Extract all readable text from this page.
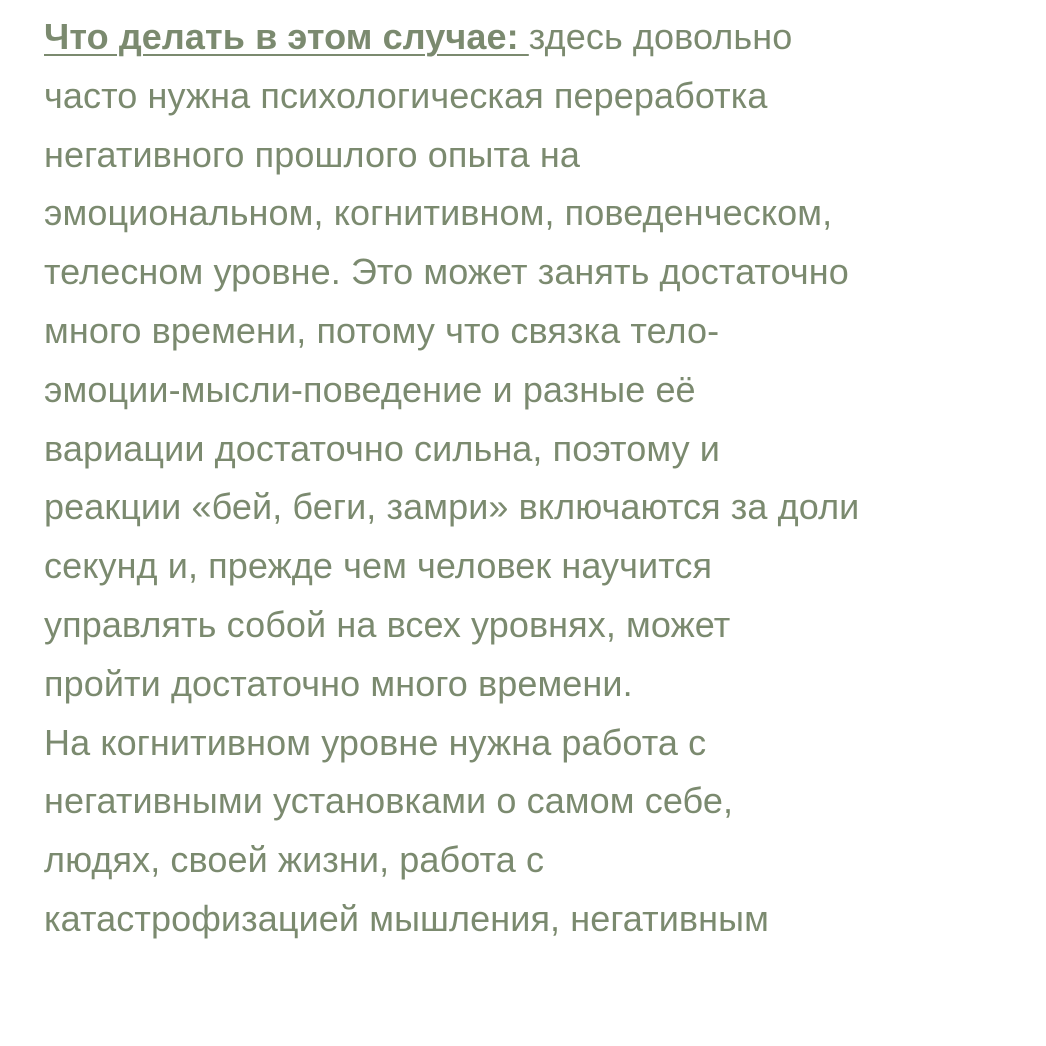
Что делать в этом случае: здесь довольно
часто нужна психологическая переработка
негативного прошлого опыта на
эмоциональном, когнитивном, поведенческом,
телесном уровне. Это может занять достаточно
много времени, потому что связка тело-
эмоции-мысли-поведение и разные её
вариации достаточно сильна, поэтому и
реакции «бей, беги, замри» включаются за доли
секунд и, прежде чем человек научится
управлять собой на всех уровнях, может
пройти достаточно много времени.
На когнитивном уровне нужна работа с
негативными установками о самом себе,
людях, своей жизни, работа с
катастрофизацией мышления, негативным
